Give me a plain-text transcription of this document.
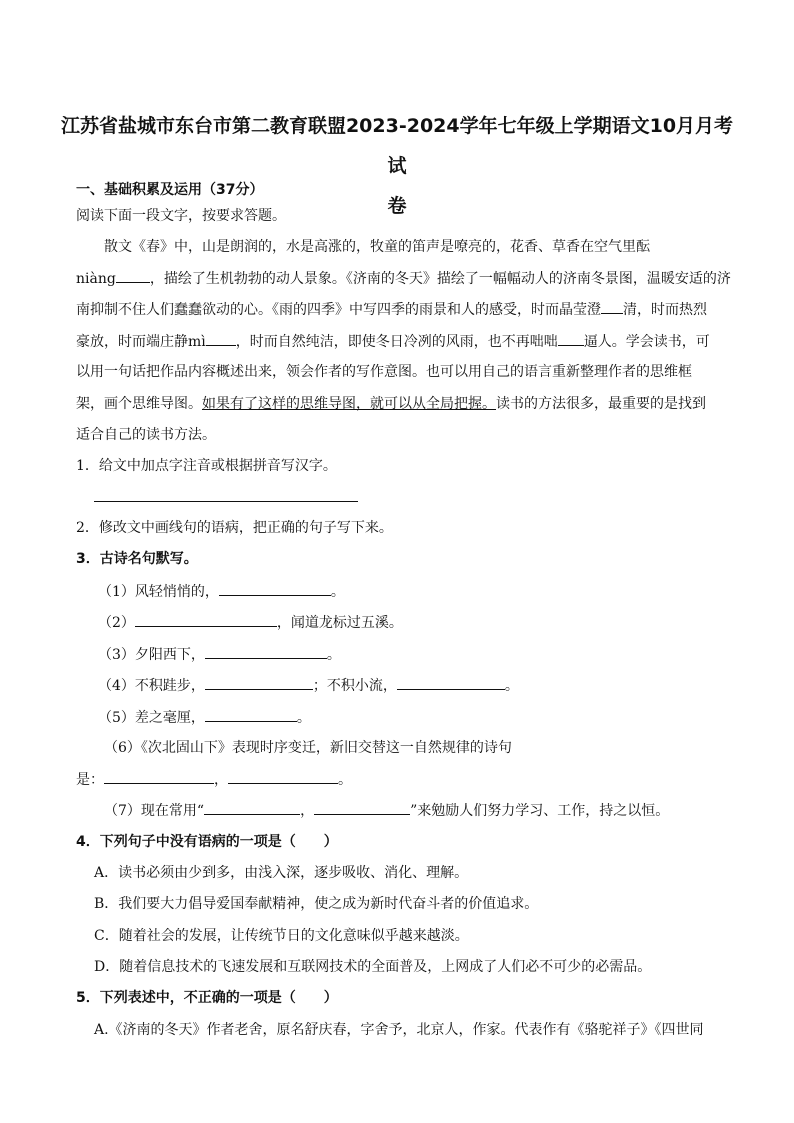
江苏省盐城市东台市第二教育联盟2023-2024学年七年级上学期语文10月月考试
卷
一、基础积累及运用（37分）
阅读下面一段文字，按要求答题。
散文《春》中，山是朗润的，水是高涨的，牧童的笛声是嘹亮的，花香、草香在空气里酝
niàng ，描绘了生机勃勃的动人景象。《济南的冬天》描绘了一幅幅动人的济南冬景图，温暖安适的济
南抑制不住人们蠢蠢欲动的心。《雨的四季》中写四季的雨景和人的感受，时而晶莹澄 清，时而热烈
豪放，时而端庄静mì ，时而自然纯洁，即使冬日冷冽的风雨，也不再咄咄 逼人。学会读书，可
以用一句话把作品内容概述出来，领会作者的写作意图。也可以用自己的语言重新整理作者的思维框
架，画个思维导图。如果有了这样的思维导图，就可以从全局把握。读书的方法很多，最重要的是找到
适合自己的读书方法。
1．给文中加点字注音或根据拼音写汉字。
2．修改文中画线句的语病，把正确的句子写下来。
3．古诗名句默写。
（1）风轻悄悄的，	。
（2）	，闻道龙标过五溪。
（3）夕阳西下，	。
（4）不积跬步，	；不积小流，	。
（5）差之毫厘，	。
（6）《次北固山下》表现时序变迁，新旧交替这一自然规律的诗句
是：	，	。
（7）现在常用“	，	”来勉励人们努力学习、工作，持之以恒。
4．下列句子中没有语病的一项是（　　）
A．读书必须由少到多，由浅入深，逐步吸收、消化、理解。
B．我们要大力倡导爱国奉献精神，使之成为新时代奋斗者的价值追求。
C．随着社会的发展，让传统节日的文化意味似乎越来越淡。
D．随着信息技术的飞速发展和互联网技术的全面普及，上网成了人们必不可少的必需品。
5．下列表述中，不正确的一项是（　　）
A.《济南的冬天》作者老舍，原名舒庆春，字舍予，北京人，作家。代表作有《骆驼祥子》《四世同
